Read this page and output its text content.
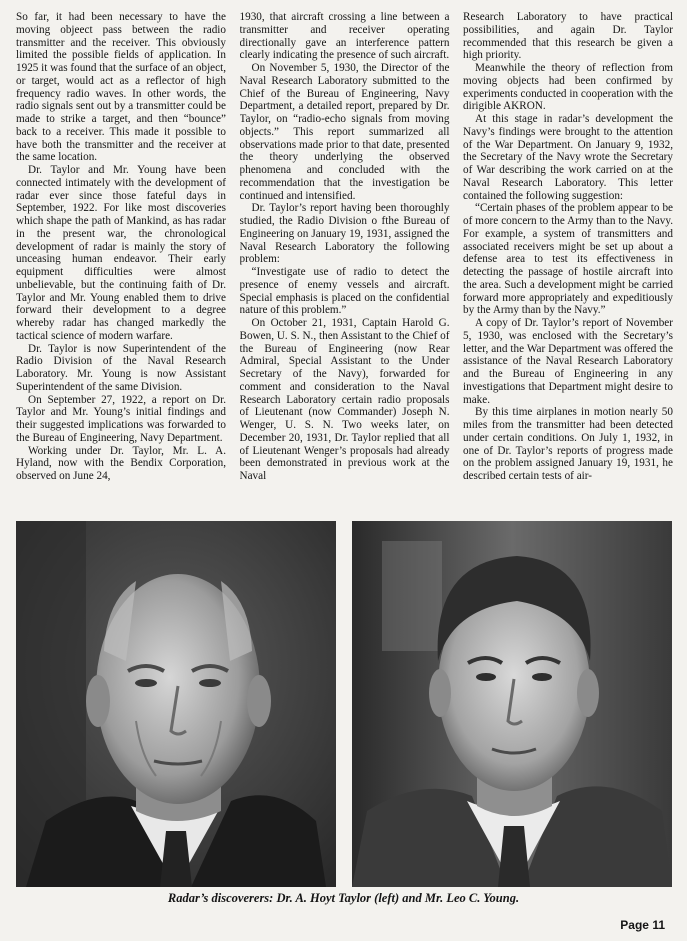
So far, it had been necessary to have the moving objeect pass between the radio transmitter and the receiver. This obviously limited the possible fields of application. In 1925 it was found that the surface of an object, or target, would act as a reflector of high frequency radio waves. In other words, the radio signals sent out by a transmitter could be made to strike a target, and then “bounce” back to a receiver. This made it possible to have both the transmitter and the receiver at the same location.

Dr. Taylor and Mr. Young have been connected intimately with the development of radar ever since those fateful days in September, 1922. For like most discoveries which shape the path of Mankind, as has radar in the present war, the chronological development of radar is mainly the story of unceasing human endeavor. Their early equipment difficulties were almost unbelievable, but the continuing faith of Dr. Taylor and Mr. Young enabled them to drive forward their development to a degree whereby radar has changed markedly the tactical science of modern warfare.

Dr. Taylor is now Superintendent of the Radio Division of the Naval Research Laboratory. Mr. Young is now Assistant Superintendent of the same Division.

On September 27, 1922, a report on Dr. Taylor and Mr. Young’s initial findings and their suggested implications was forwarded to the Bureau of Engineering, Navy Department.

Working under Dr. Taylor, Mr. L. A. Hyland, now with the Bendix Corporation, observed on June 24,

1930, that aircraft crossing a line between a transmitter and receiver operating directionally gave an interference pattern clearly indicating the presence of such aircraft.

On November 5, 1930, the Director of the Naval Research Laboratory submitted to the Chief of the Bureau of Engineering, Navy Department, a detailed report, prepared by Dr. Taylor, on “radio-echo signals from moving objects.” This report summarized all observations made prior to that date, presented the theory underlying the observed phenomena and concluded with the recommendation that the investigation be continued and intensified.

Dr. Taylor’s report having been thoroughly studied, the Radio Division o fthe Bureau of Engineering on January 19, 1931, assigned the Naval Research Laboratory the following problem:

“Investigate use of radio to detect the presence of enemy vessels and aircraft. Special emphasis is placed on the confidential nature of this problem.”

On October 21, 1931, Captain Harold G. Bowen, U. S. N., then Assistant to the Chief of the Bureau of Engineering (now Rear Admiral, Special Assistant to the Under Secretary of the Navy), forwarded for comment and consideration to the Naval Research Laboratory certain radio proposals of Lieutenant (now Commander) Joseph N. Wenger, U. S. N. Two weeks later, on December 20, 1931, Dr. Taylor replied that all of Lieutenant Wenger’s proposals had already been demonstrated in previous work at the Naval

Research Laboratory to have practical possibilities, and again Dr. Taylor recommended that this research be given a high priority.

Meanwhile the theory of reflection from moving objects had been confirmed by experiments conducted in cooperation with the dirigible AKRON.

At this stage in radar’s development the Navy’s findings were brought to the attention of the War Department. On January 9, 1932, the Secretary of the Navy wrote the Secretary of War describing the work carried on at the Naval Research Laboratory. This letter contained the following suggestion:

“Certain phases of the problem appear to be of more concern to the Army than to the Navy. For example, a system of transmitters and associated receivers might be set up about a defense area to test its effectiveness in detecting the passage of hostile aircraft into the area. Such a development might be carried forward more appropriately and expeditiously by the Army than by the Navy.”

A copy of Dr. Taylor’s report of November 5, 1930, was enclosed with the Secretary’s letter, and the War Department was offered the assistance of the Naval Research Laboratory and the Bureau of Engineering in any investigations that Department might desire to make.

By this time airplanes in motion nearly 50 miles from the transmitter had been detected under certain conditions. On July 1, 1932, in one of Dr. Taylor’s reports of progress made on the problem assigned January 19, 1931, he described certain tests of air-

Radar’s discoverers: Dr. A. Hoyt Taylor (left) and Mr. Leo C. Young.
Page 11
